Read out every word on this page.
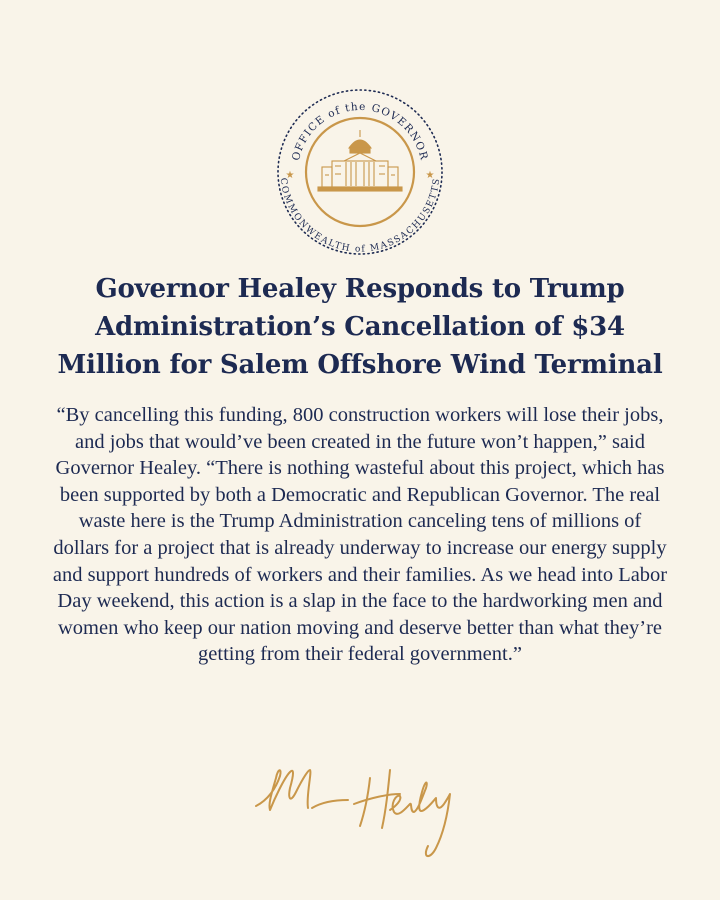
OFFICE of the GOVERNOR
COMMONWEALTH of MASSACHUSETTS
★	★
Governor Healey Responds to Trump Administration’s Cancellation of $34 Million for Salem Offshore Wind Terminal

“By cancelling this funding, 800 construction workers will lose their jobs, and jobs that would’ve been created in the future won’t happen,” said Governor Healey. “There is nothing wasteful about this project, which has been supported by both a Democratic and Republican Governor. The real waste here is the Trump Administration canceling tens of millions of dollars for a project that is already underway to increase our energy supply and support hundreds of workers and their families. As we head into Labor Day weekend, this action is a slap in the face to the hardworking men and women who keep our nation moving and deserve better than what they’re getting from their federal government.”
